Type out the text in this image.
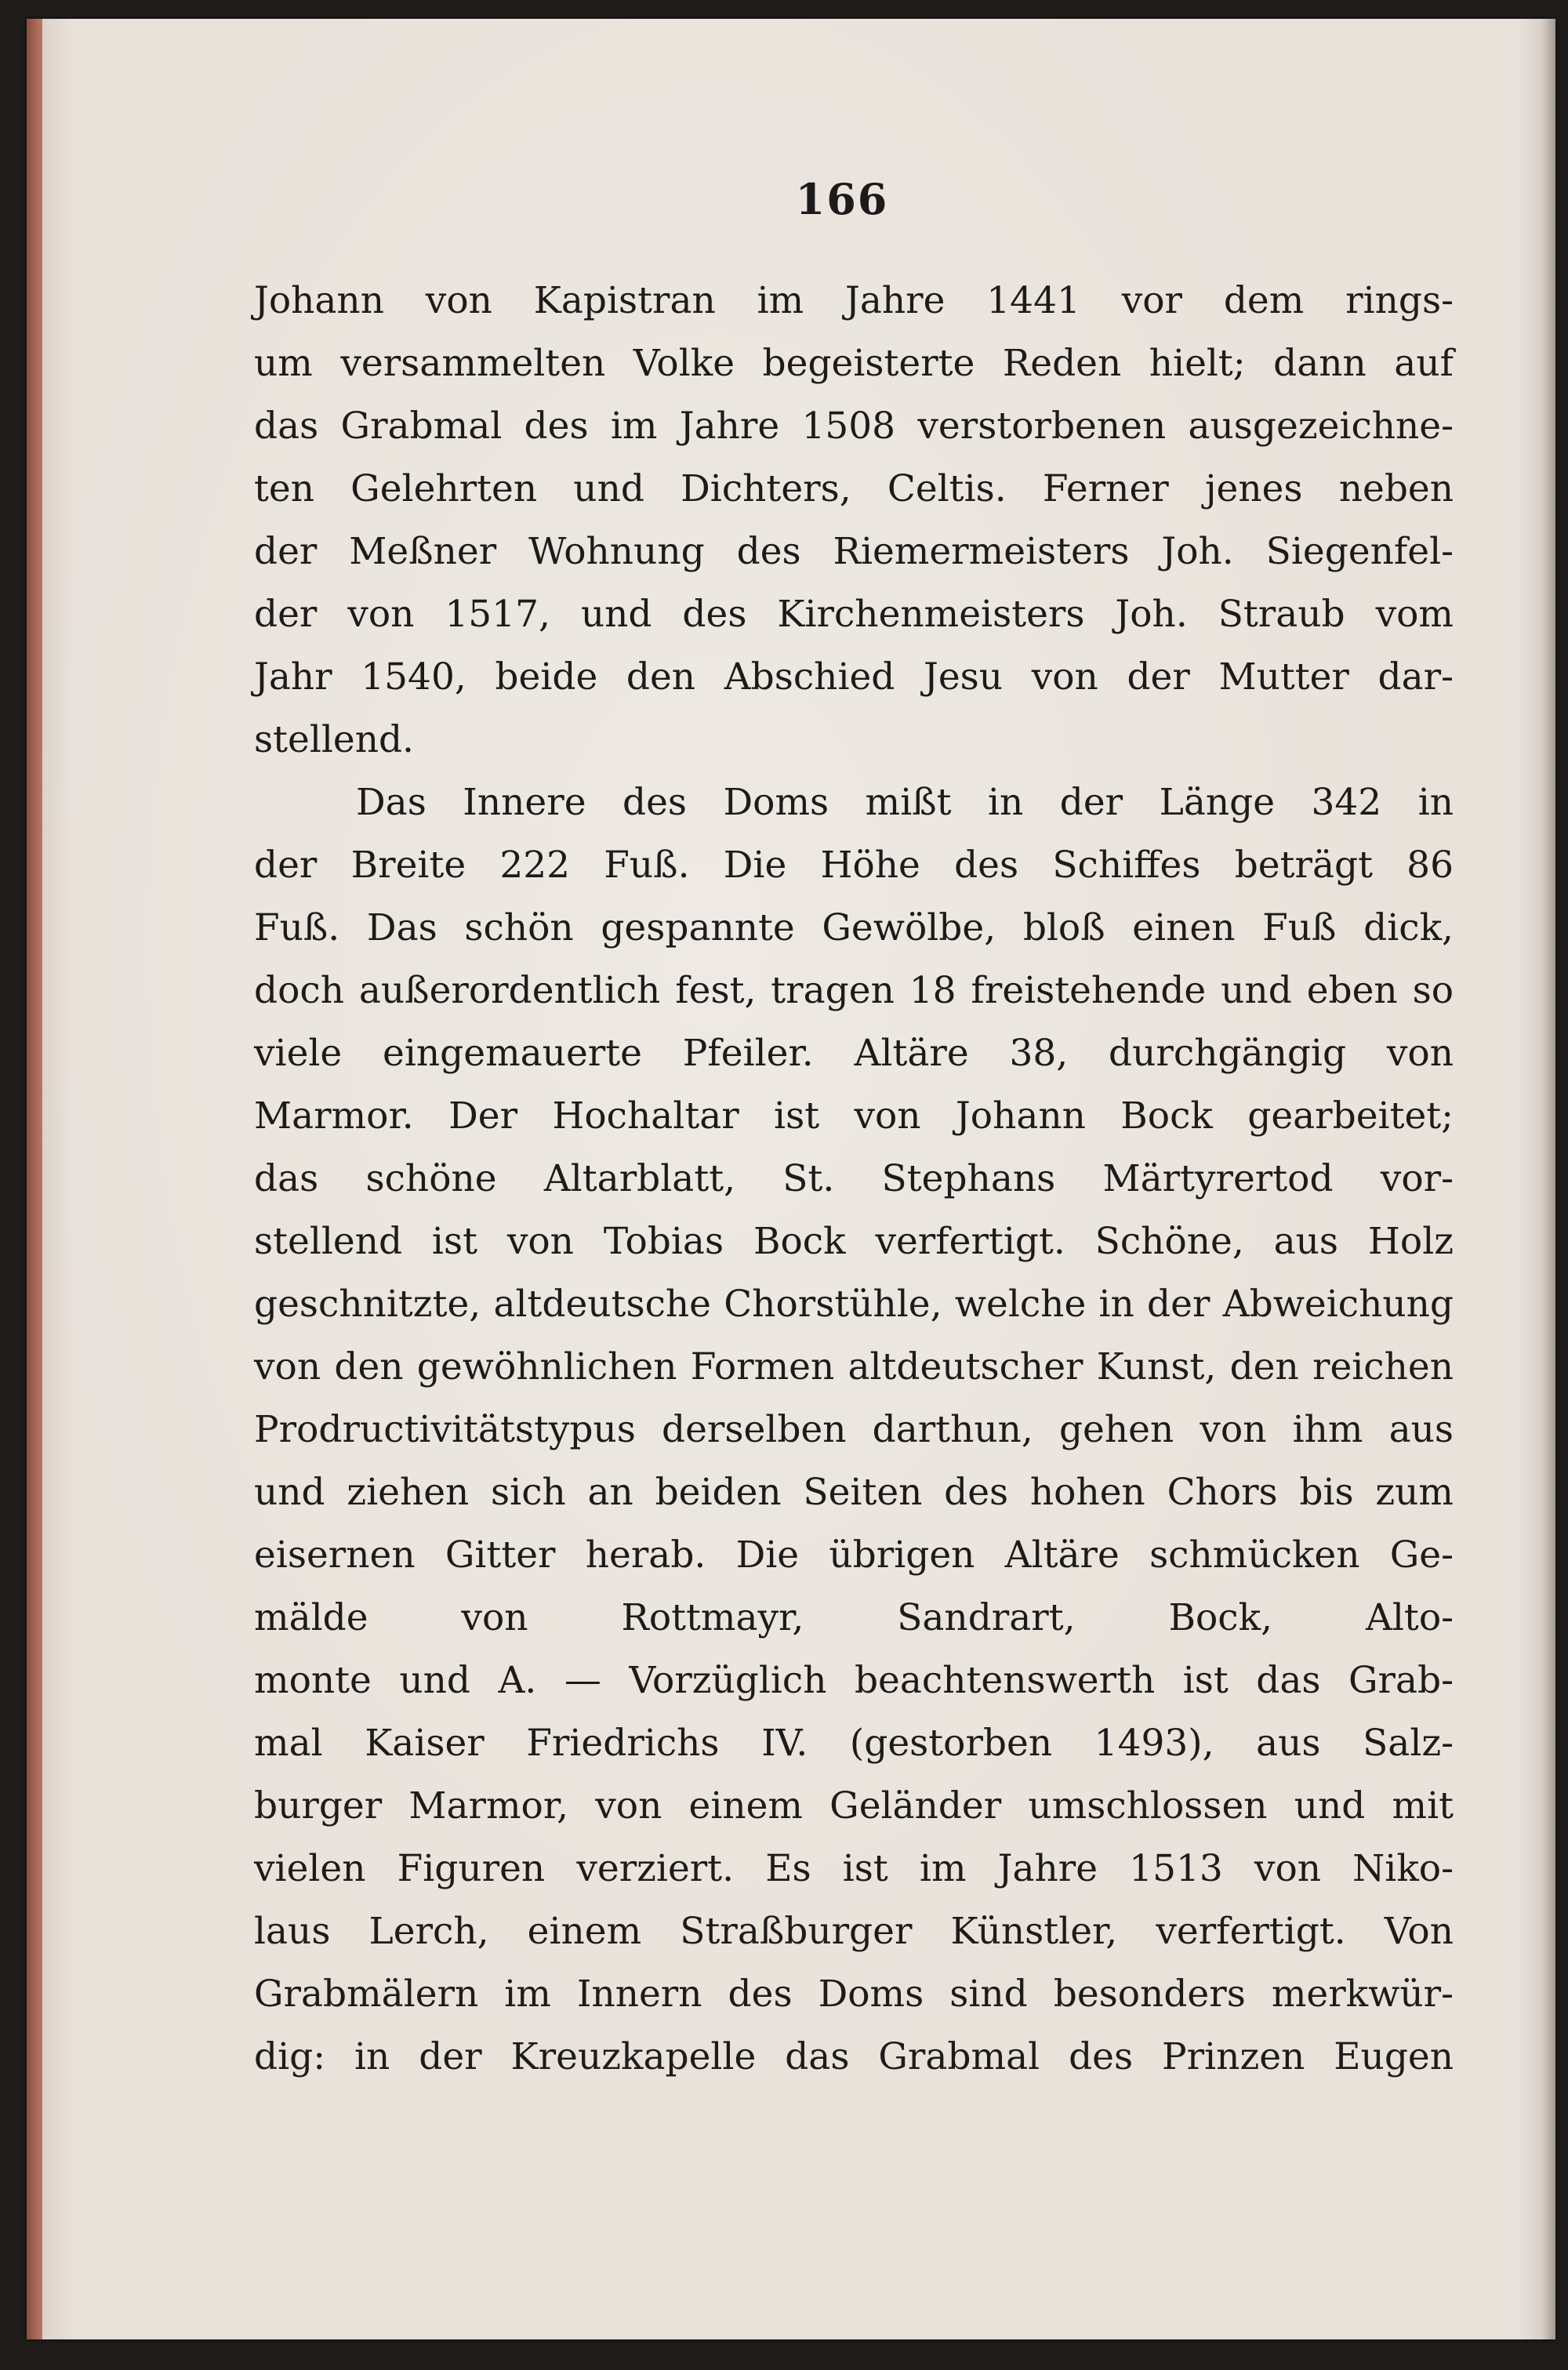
166
Johann von Kapistran im Jahre 1441 vor dem rings-
um versammelten Volke begeisterte Reden hielt; dann auf
das Grabmal des im Jahre 1508 verstorbenen ausgezeichne-
ten Gelehrten und Dichters, Celtis. Ferner jenes neben
der Meßner Wohnung des Riemermeisters Joh. Siegenfel-
der von 1517, und des Kirchenmeisters Joh. Straub vom
Jahr 1540, beide den Abschied Jesu von der Mutter dar-
stellend.
Das Innere des Doms mißt in der Länge 342 in
der Breite 222 Fuß. Die Höhe des Schiffes beträgt 86
Fuß. Das schön gespannte Gewölbe, bloß einen Fuß dick,
doch außerordentlich fest, tragen 18 freistehende und eben so
viele eingemauerte Pfeiler. Altäre 38, durchgängig von
Marmor. Der Hochaltar ist von Johann Bock gearbeitet;
das schöne Altarblatt, St. Stephans Märtyrertod vor-
stellend ist von Tobias Bock verfertigt. Schöne, aus Holz
geschnitzte, altdeutsche Chorstühle, welche in der Abweichung
von den gewöhnlichen Formen altdeutscher Kunst, den reichen
Prodructivitätstypus derselben darthun, gehen von ihm aus
und ziehen sich an beiden Seiten des hohen Chors bis zum
eisernen Gitter herab. Die übrigen Altäre schmücken Ge-
mälde von Rottmayr, Sandrart, Bock, Alto-
monte und A. — Vorzüglich beachtenswerth ist das Grab-
mal Kaiser Friedrichs IV. (gestorben 1493), aus Salz-
burger Marmor, von einem Geländer umschlossen und mit
vielen Figuren verziert. Es ist im Jahre 1513 von Niko-
laus Lerch, einem Straßburger Künstler, verfertigt. Von
Grabmälern im Innern des Doms sind besonders merkwür-
dig: in der Kreuzkapelle das Grabmal des Prinzen Eugen
